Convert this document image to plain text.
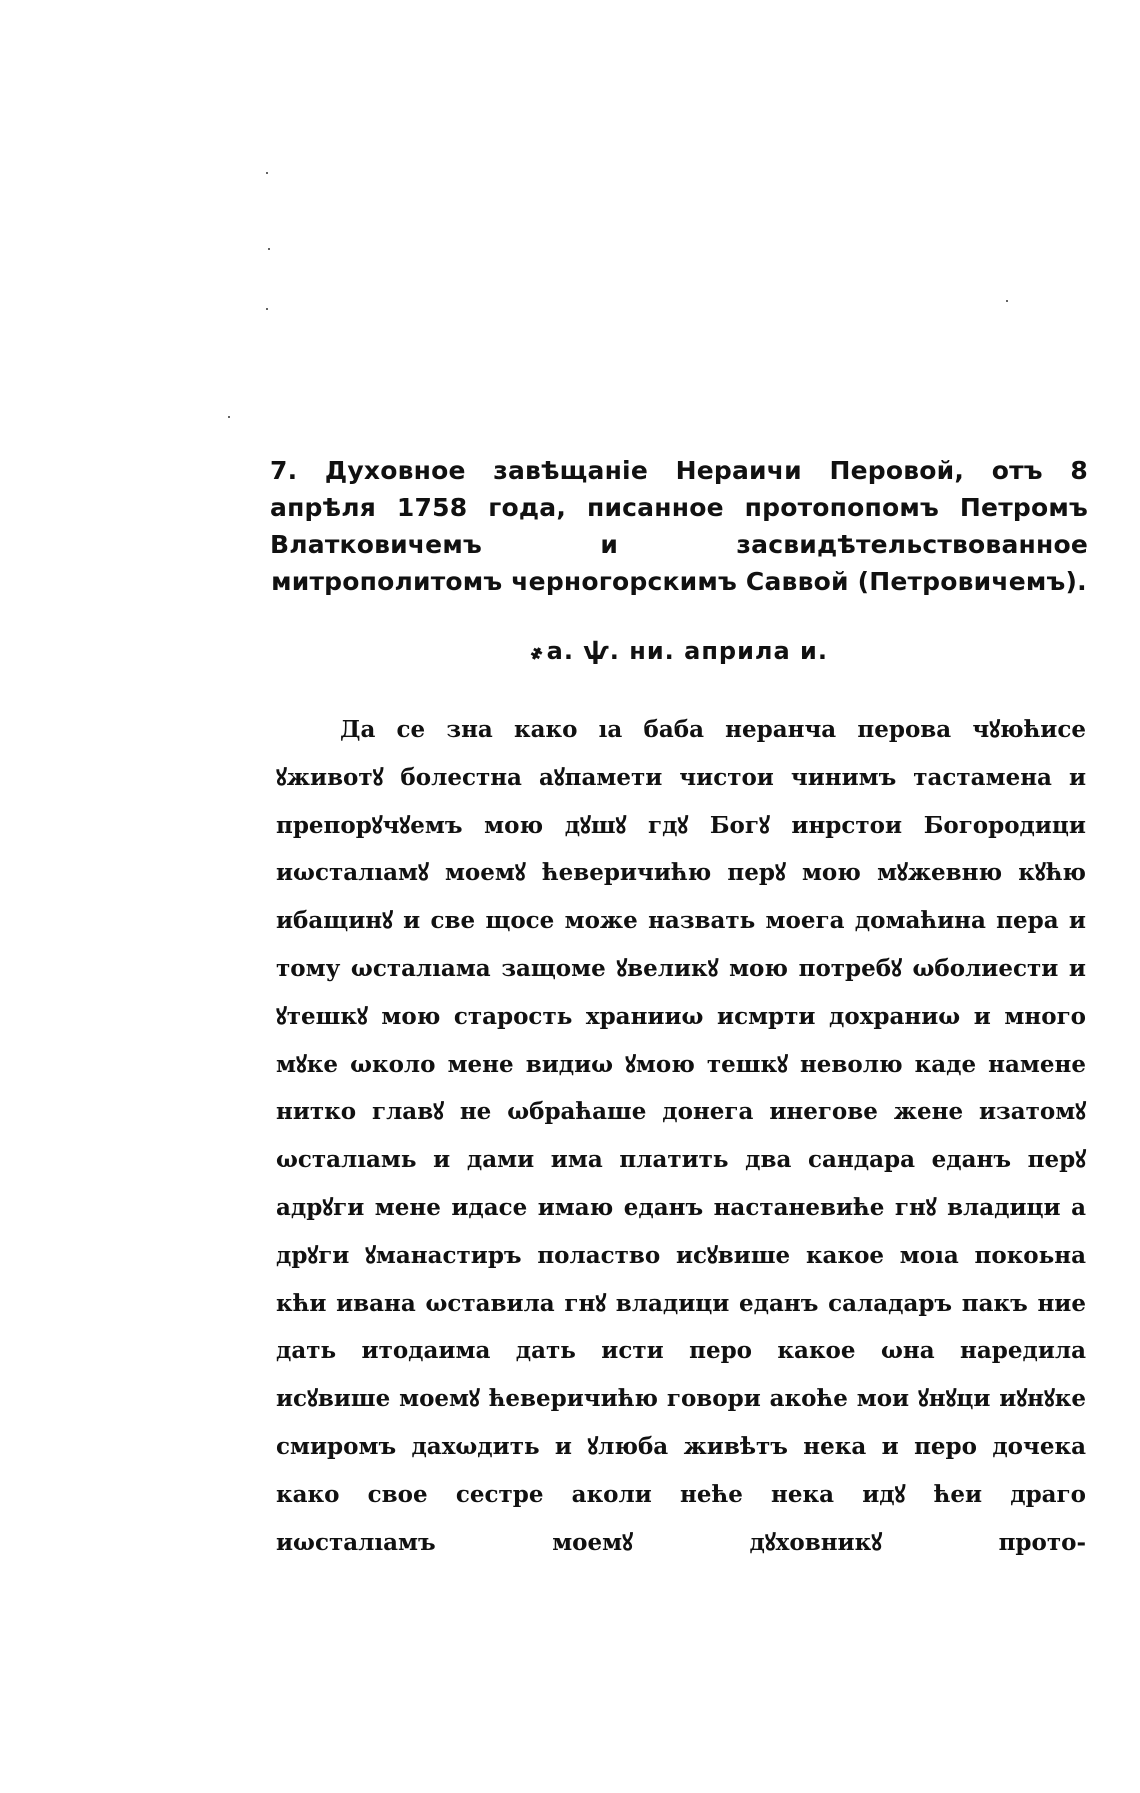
7. Духовное завѣщаніе Нераичи Перовой, отъ 8 апрѣля 1758 года, писанное протопопомъ Петромъ Влатковичемъ и засвидѣтельствованное митрополитомъ черногорскимъ Саввой (Петровичемъ).
҂а. ѱ. ни. априла и.

Да се зна како ıа баба неранча перова чꙋюћисе ꙋживотꙋ болестна аꙋпамети чистои чинимъ тастамена и препорꙋчꙋемъ мою дꙋшꙋ гдꙋ Богꙋ инрстои Богородици иωсталıамꙋ моемꙋ ћеверичићю перꙋ мою мꙋжевню кꙋћю ибащинꙋ и све щосе може назвать моега домаћина пера и тому ωсталıама защоме ꙋвеликꙋ мою потребꙋ ωболиести и ꙋтешкꙋ мою старость хранииω исмрти дохраниω и много мꙋке ωколо мене видиω ꙋмою тешкꙋ неволю каде намене нитко главꙋ не ωбраћаше донега инегове жене изатомꙋ ωсталıамь и дами има платить два сандара еданъ перꙋ адрꙋги мене идасе имаю еданъ настаневиће гнꙋ владици а дрꙋги ꙋманастиръ поластво исꙋвише какое моıа покоьна кћи ивана ωставила гнꙋ владици еданъ саладаръ пакъ ние дать итодаима дать исти перо какое ωна наредила исꙋвише моемꙋ ћеверичићю говори акоће мои ꙋнꙋци иꙋнꙋке смиромъ дахωдить и ꙋлюба живѣтъ нека и перо дочека како свое сестре аколи нећe нека идꙋ ћеи драго иωсталıамъ моемꙋ дꙋховникꙋ прото-
